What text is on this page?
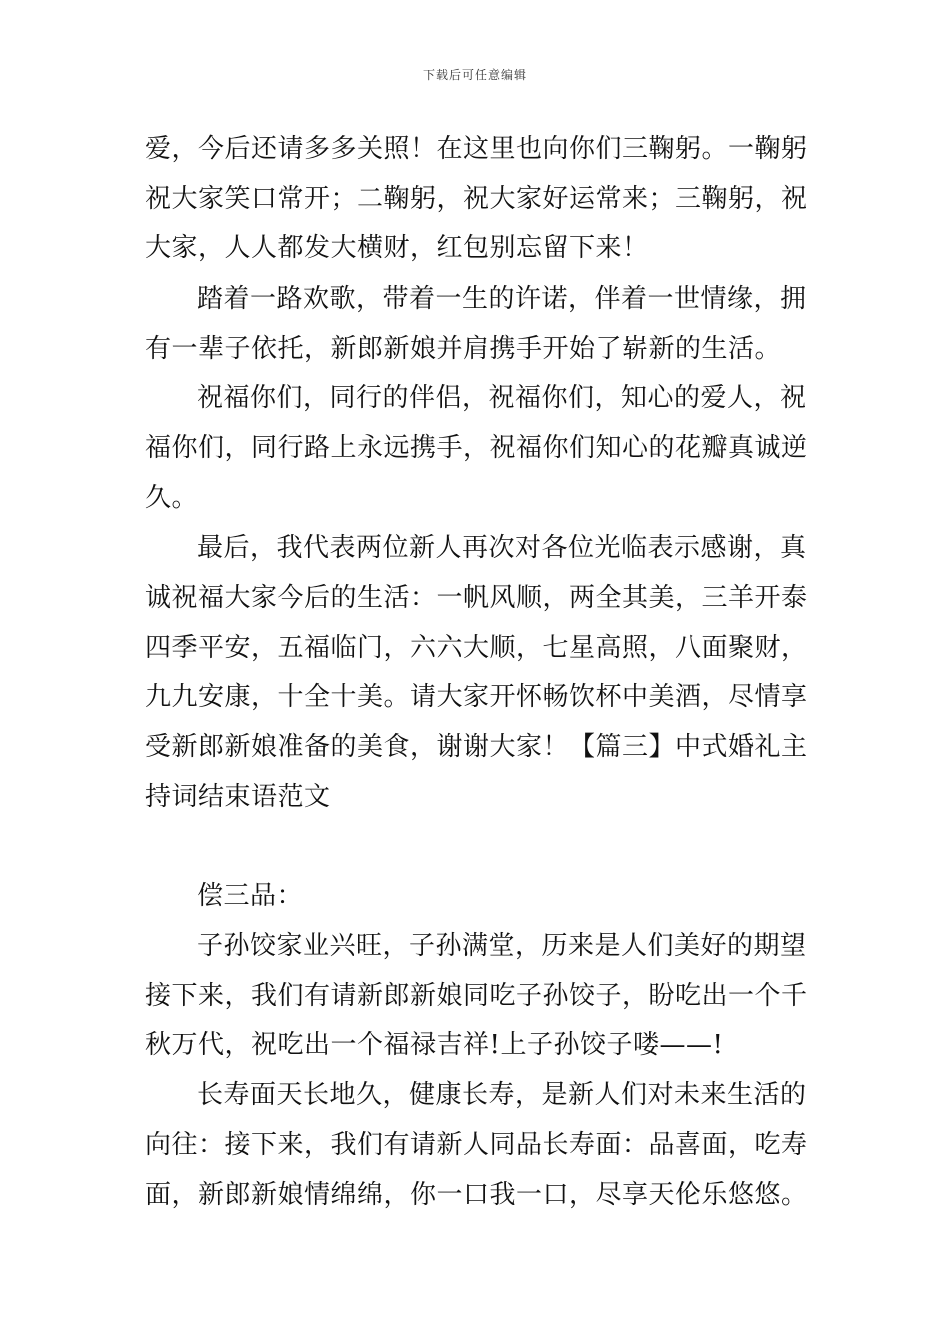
下载后可任意编辑
爱，今后还请多多关照！在这里也向你们三鞠躬。一鞠躬
祝大家笑口常开；二鞠躬，祝大家好运常来；三鞠躬，祝
大家，人人都发大横财，红包别忘留下来！
踏着一路欢歌，带着一生的许诺，伴着一世情缘，拥
有一辈子依托，新郎新娘并肩携手开始了崭新的生活。
祝福你们，同行的伴侣，祝福你们，知心的爱人，祝
福你们，同行路上永远携手，祝福你们知心的花瓣真诚逆
久。
最后，我代表两位新人再次对各位光临表示感谢，真
诚祝福大家今后的生活：一帆风顺，两全其美，三羊开泰
四季平安，五福临门，六六大顺，七星高照，八面聚财，
九九安康，十全十美。请大家开怀畅饮杯中美酒，尽情享
受新郎新娘准备的美食，谢谢大家！【篇三】中式婚礼主
持词结束语范文
偿三品：
子孙饺家业兴旺，子孙满堂，历来是人们美好的期望
接下来，我们有请新郎新娘同吃子孙饺子，盼吃出一个千
秋万代，祝吃出一个福禄吉祥!上子孙饺子喽——!
长寿面天长地久，健康长寿，是新人们对未来生活的
向往：接下来，我们有请新人同品长寿面：品喜面，吃寿
面，新郎新娘情绵绵，你一口我一口，尽享天伦乐悠悠。
